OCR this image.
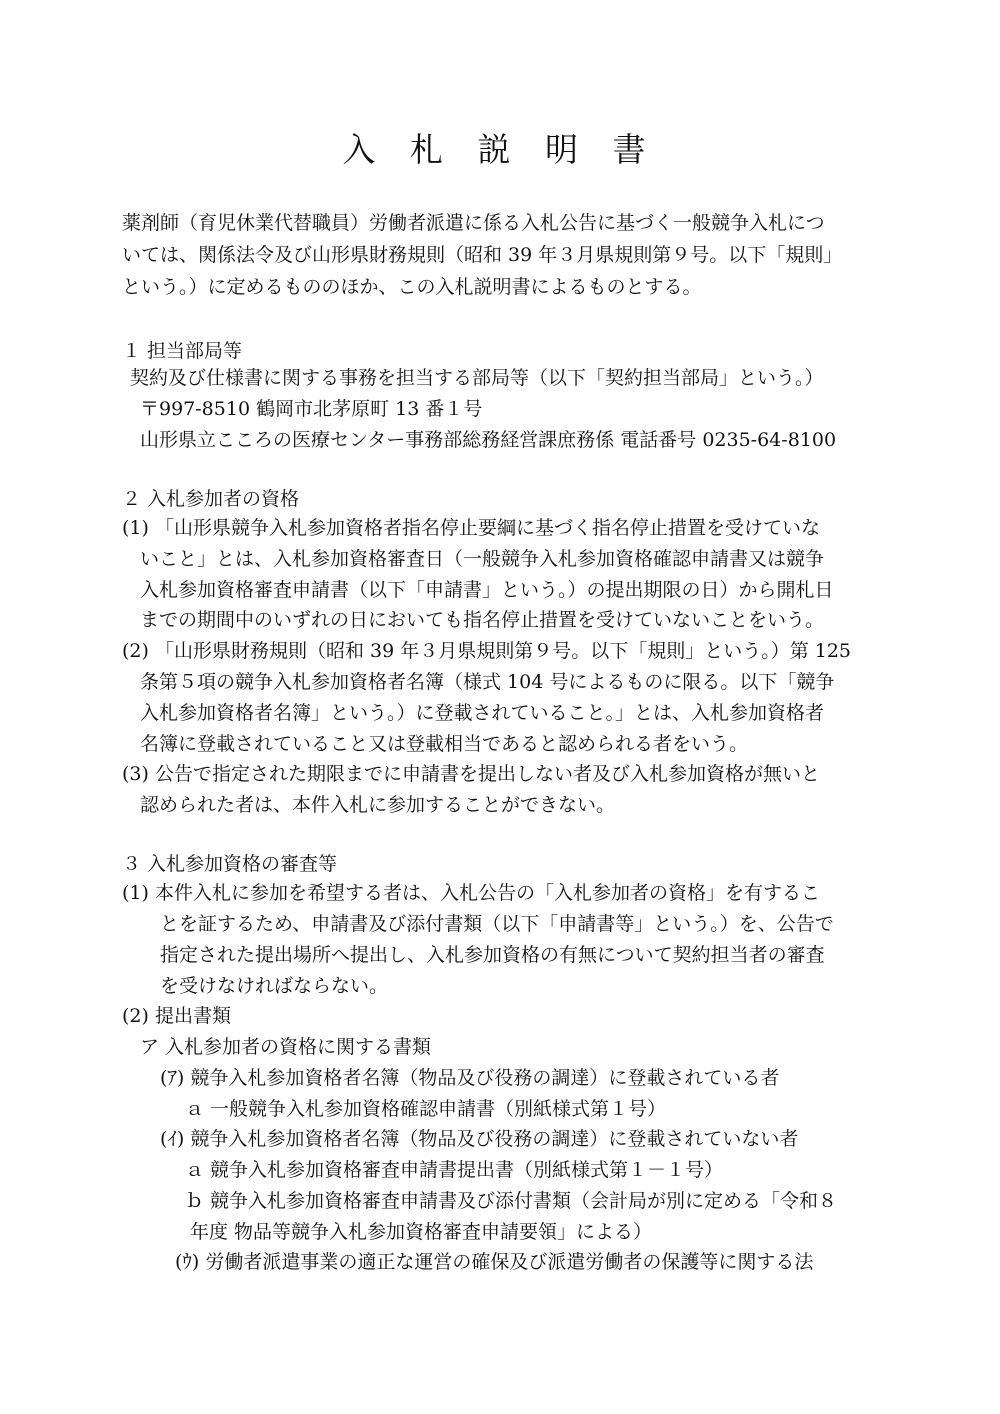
入 札 説 明 書
薬剤師（育児休業代替職員）労働者派遣に係る入札公告に基づく一般競争入札につ
いては、関係法令及び山形県財務規則（昭和 39 年３月県規則第９号。以下「規則」
という。）に定めるもののほか、この入札説明書によるものとする。
１ 担当部局等
契約及び仕様書に関する事務を担当する部局等（以下「契約担当部局」という。）
〒997-8510 鶴岡市北茅原町 13 番１号
山形県立こころの医療センター事務部総務経営課庶務係 電話番号 0235-64-8100
２ 入札参加者の資格
(1) 「山形県競争入札参加資格者指名停止要綱に基づく指名停止措置を受けていな
いこと」とは、入札参加資格審査日（一般競争入札参加資格確認申請書又は競争
入札参加資格審査申請書（以下「申請書」という。）の提出期限の日）から開札日
までの期間中のいずれの日においても指名停止措置を受けていないことをいう。
(2) 「山形県財務規則（昭和 39 年３月県規則第９号。以下「規則」という。）第 125
条第５項の競争入札参加資格者名簿（様式 104 号によるものに限る。以下「競争
入札参加資格者名簿」という。）に登載されていること。」とは、入札参加資格者
名簿に登載されていること又は登載相当であると認められる者をいう。
(3) 公告で指定された期限までに申請書を提出しない者及び入札参加資格が無いと
認められた者は、本件入札に参加することができない。
３ 入札参加資格の審査等
(1) 本件入札に参加を希望する者は、入札公告の「入札参加者の資格」を有するこ
とを証するため、申請書及び添付書類（以下「申請書等」という。）を、公告で
指定された提出場所へ提出し、入札参加資格の有無について契約担当者の審査
を受けなければならない。
(2) 提出書類
ア 入札参加者の資格に関する書類
(ｱ) 競争入札参加資格者名簿（物品及び役務の調達）に登載されている者
ａ 一般競争入札参加資格確認申請書（別紙様式第１号）
(ｲ) 競争入札参加資格者名簿（物品及び役務の調達）に登載されていない者
ａ 競争入札参加資格審査申請書提出書（別紙様式第１－１号）
ｂ 競争入札参加資格審査申請書及び添付書類（会計局が別に定める「令和８
年度 物品等競争入札参加資格審査申請要領」による）
(ｳ) 労働者派遣事業の適正な運営の確保及び派遣労働者の保護等に関する法
